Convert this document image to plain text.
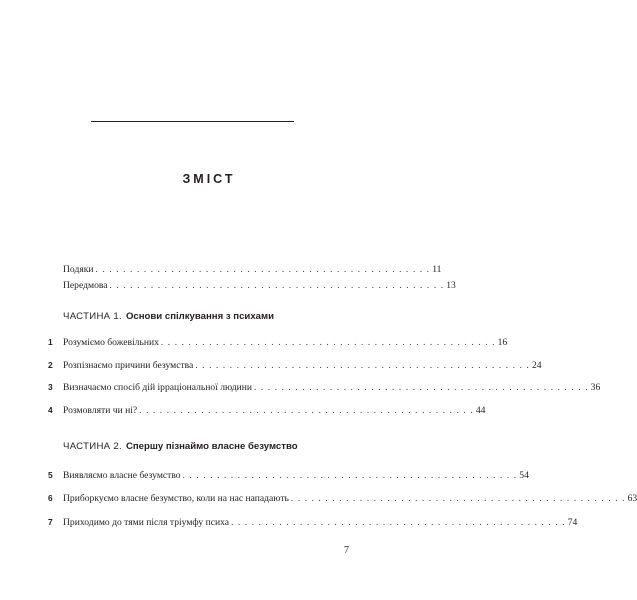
ЗМІСТ
Подяки . . . . . . . . . . . . . . . . . . . . . . . . . . . . . . . . . . . . . . . . . . . . . . . . . 11
Передмова . . . . . . . . . . . . . . . . . . . . . . . . . . . . . . . . . . . . . . . . . . . . . . . . . 13
ЧАСТИНА 1. Основи спілкування з психами
1 Розуміємо божевільних . . . . . . . . . . . . . . . . . . . . . . . . . . . . . . . . . . . . . . . . . . . . . . . . . 16
2 Розпізнаємо причини безумства . . . . . . . . . . . . . . . . . . . . . . . . . . . . . . . . . . . . . . . . . . . . . . . . . 24
3 Визначаємо спосіб дій ірраціональної людини . . . . . . . . . . . . . . . . . . . . . . . . . . . . . . . . . . . . . . . . . . . . . . . . . 36
4 Розмовляти чи ні? . . . . . . . . . . . . . . . . . . . . . . . . . . . . . . . . . . . . . . . . . . . . . . . . . 44
ЧАСТИНА 2. Спершу пізнаймо власне безумство
5 Виявляємо власне безумство . . . . . . . . . . . . . . . . . . . . . . . . . . . . . . . . . . . . . . . . . . . . . . . . . 54
6 Приборкуємо власне безумство, коли на нас нападають . . . . . . . . . . . . . . . . . . . . . . . . . . . . . . . . . . . . . . . . . . . . . . . . . 63
7 Приходимо до тями після тріумфу психа . . . . . . . . . . . . . . . . . . . . . . . . . . . . . . . . . . . . . . . . . . . . . . . . . 74
7
